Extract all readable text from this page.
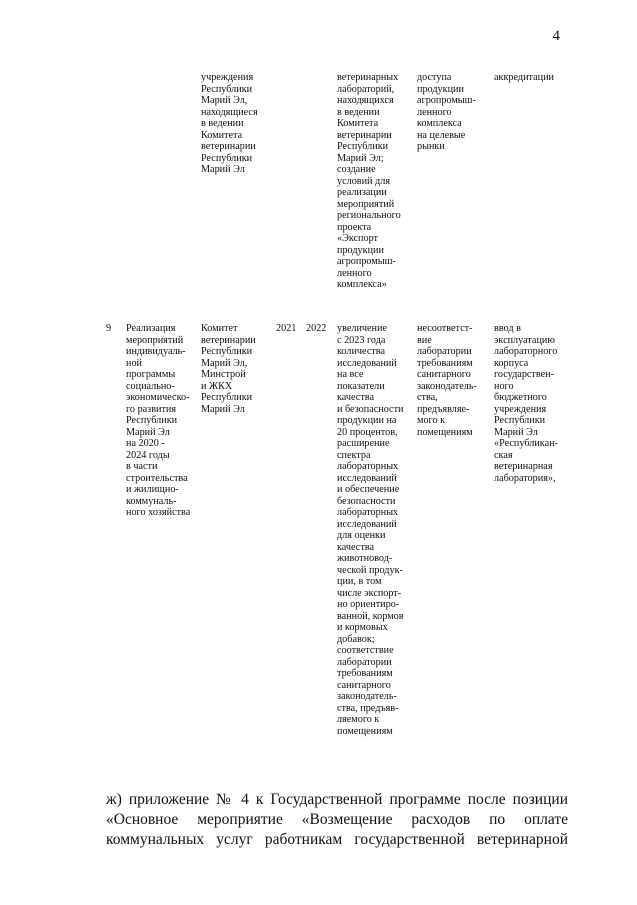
4
учреждения
Республики
Марий Эл,
находящиеся
в ведении
Комитета
ветеринарии
Республики
Марий Эл
ветеринарных
лабораторий,
находящихся
в ведении
Комитета
ветеринарии
Республики
Марий Эл;
создание
условий для
реализации
мероприятий
регионального
проекта
«Экспорт
продукции
агропромыш-
ленного
комплекса»
доступа
продукции
агропромыш-
ленного
комплекса
на целевые
рынки
аккредитации
9	Реализация
мероприятий
индивидуаль-
ной
программы
социально-
экономическо-
го развития
Республики
Марий Эл
на 2020 -
2024 годы
в части
строительства
и жилищно-
коммуналь-
ного хозяйства
Комитет
ветеринарии
Республики
Марий Эл,
Минстрой
и ЖКХ
Республики
Марий Эл
2021 2022	увеличение
с 2023 года
количества
исследований
на все
показатели
качества
и безопасности
продукции на
20 процентов,
расширение
спектра
лабораторных
исследований
и обеспечение
безопасности
лабораторных
исследований
для оценки
качества
животновод-
ческой продук-
ции, в том
числе экспорт-
но ориентиро-
ванной, кормов
и кормовых
добавок;
соответствие
лаборатории
требованиям
санитарного
законодатель-
ства, предъяв-
ляемого к
помещениям
несоответст-
вие
лаборатории
требованиям
санитарного
законодатель-
ства,
предъявляе-
мого к
помещениям
ввод в
эксплуатацию
лабораторного
корпуса
государствен-
ного
бюджетного
учреждения
Республики
Марий Эл
«Республикан-
ская
ветеринарная
лаборатория»,
ж) приложение № 4 к Государственной программе после позиции
«Основное мероприятие «Возмещение расходов по оплате
коммунальных услуг работникам государственной ветеринарной
